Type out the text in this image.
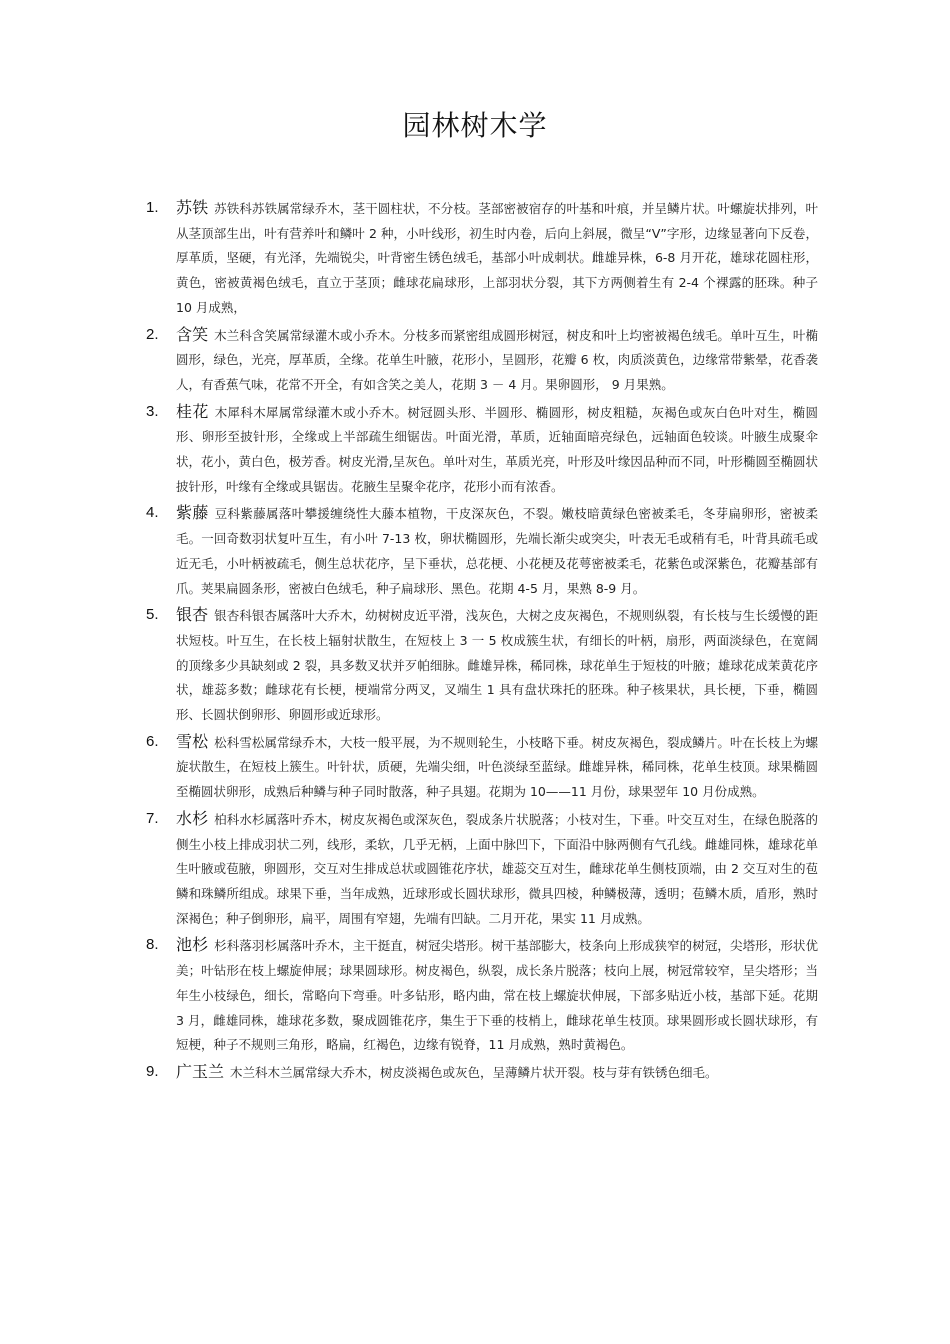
园林树木学
1. 苏铁 苏铁科苏铁属常绿乔木，茎干圆柱状，不分枝。茎部密被宿存的叶基和叶痕，并呈鳞片状。叶螺旋状排列，叶从茎顶部生出，叶有营养叶和鳞叶 2 种，小叶线形，初生时内卷，后向上斜展，微呈“V”字形，边缘显著向下反卷，厚革质，坚硬，有光泽，先端锐尖，叶背密生锈色绒毛，基部小叶成刺状。雌雄异株，6-8 月开花，雄球花圆柱形，黄色，密被黄褐色绒毛，直立于茎顶；雌球花扁球形，上部羽状分裂，其下方两侧着生有 2-4 个裸露的胚珠。种子 10 月成熟，
2. 含笑 木兰科含笑属常绿灌木或小乔木。分枝多而紧密组成圆形树冠，树皮和叶上均密被褐色绒毛。单叶互生，叶椭圆形，绿色，光亮，厚革质，全缘。花单生叶腋，花形小，呈圆形，花瓣 6 枚，肉质淡黄色，边缘常带紫晕，花香袭人，有香蕉气味，花常不开全，有如含笑之美人，花期 3 － 4 月。果卵圆形， 9 月果熟。
3. 桂花 木犀科木犀属常绿灌木或小乔木。树冠圆头形、半圆形、椭圆形，树皮粗糙，灰褐色或灰白色叶对生，椭圆形、卵形至披针形，全缘或上半部疏生细锯齿。叶面光滑，革质，近轴面暗亮绿色，远轴面色较谈。叶腋生成聚伞状，花小，黄白色，极芳香。树皮光滑,呈灰色。单叶对生，革质光亮，叶形及叶缘因品种而不同，叶形椭圆至椭圆状披针形，叶缘有全缘或具锯齿。花腋生呈聚伞花序，花形小而有浓香。
4. 紫藤 豆科紫藤属落叶攀援缠绕性大藤本植物，干皮深灰色，不裂。嫩枝暗黄绿色密被柔毛，冬芽扁卵形，密被柔毛。一回奇数羽状复叶互生，有小叶 7-13 枚，卵状椭圆形，先端长渐尖或突尖，叶表无毛或稍有毛，叶背具疏毛或近无毛，小叶柄被疏毛，侧生总状花序，呈下垂状，总花梗、小花梗及花萼密被柔毛，花紫色或深紫色，花瓣基部有爪。荚果扁圆条形，密被白色绒毛，种子扁球形、黑色。花期 4-5 月，果熟 8-9 月。
5. 银杏 银杏科银杏属落叶大乔木，幼树树皮近平滑，浅灰色，大树之皮灰褐色，不规则纵裂，有长枝与生长缓慢的距状短枝。叶互生，在长枝上辐射状散生，在短枝上 3 一 5 枚成簇生状，有细长的叶柄，扇形，两面淡绿色，在宽阔的顶缘多少具缺刻或 2 裂，具多数叉状并歹帕细脉。雌雄异株，稀同株，球花单生于短枝的叶腋；雄球花成茉黄花序状，雄蕊多数；雌球花有长梗，梗端常分两叉，叉端生 1 具有盘状珠托的胚珠。种子核果状，具长梗，下垂，椭圆形、长圆状倒卵形、卵圆形或近球形。
6. 雪松 松科雪松属常绿乔木，大枝一般平展，为不规则轮生，小枝略下垂。树皮灰褐色，裂成鳞片。叶在长枝上为螺旋状散生，在短枝上簇生。叶针状，质硬，先端尖细，叶色淡绿至蓝绿。雌雄异株，稀同株，花单生枝顶。球果椭圆至椭圆状卵形，成熟后种鳞与种子同时散落，种子具翅。花期为 10——11 月份，球果翌年 10 月份成熟。
7. 水杉 柏科水杉属落叶乔木，树皮灰褐色或深灰色，裂成条片状脱落；小枝对生，下垂。叶交互对生，在绿色脱落的侧生小枝上排成羽状二列，线形，柔软，几乎无柄，上面中脉凹下，下面沿中脉两侧有气孔线。雌雄同株，雄球花单生叶腋或苞腋，卵圆形，交互对生排成总状或圆锥花序状，雄蕊交互对生，雌球花单生侧枝顶端，由 2 交互对生的苞鳞和珠鳞所组成。球果下垂，当年成熟，近球形或长圆状球形，微具四棱，种鳞极薄，透明；苞鳞木质，盾形，熟时深褐色；种子倒卵形，扁平，周围有窄翅，先端有凹缺。二月开花，果实 11 月成熟。
8. 池杉 杉科落羽杉属落叶乔木，主干挺直，树冠尖塔形。树干基部膨大，枝条向上形成狭窄的树冠，尖塔形，形状优美；叶钻形在枝上螺旋伸展；球果圆球形。树皮褐色，纵裂，成长条片脱落；枝向上展，树冠常较窄，呈尖塔形；当年生小枝绿色，细长，常略向下弯垂。叶多钻形，略内曲，常在枝上螺旋状伸展，下部多贴近小枝，基部下延。花期 3 月，雌雄同株，雄球花多数，聚成圆锥花序，集生于下垂的枝梢上，雌球花单生枝顶。球果圆形或长圆状球形，有短梗，种子不规则三角形，略扁，红褐色，边缘有锐脊，11 月成熟，熟时黄褐色。
9. 广玉兰 木兰科木兰属常绿大乔木，树皮淡褐色或灰色，呈薄鳞片状开裂。枝与芽有铁锈色细毛。
